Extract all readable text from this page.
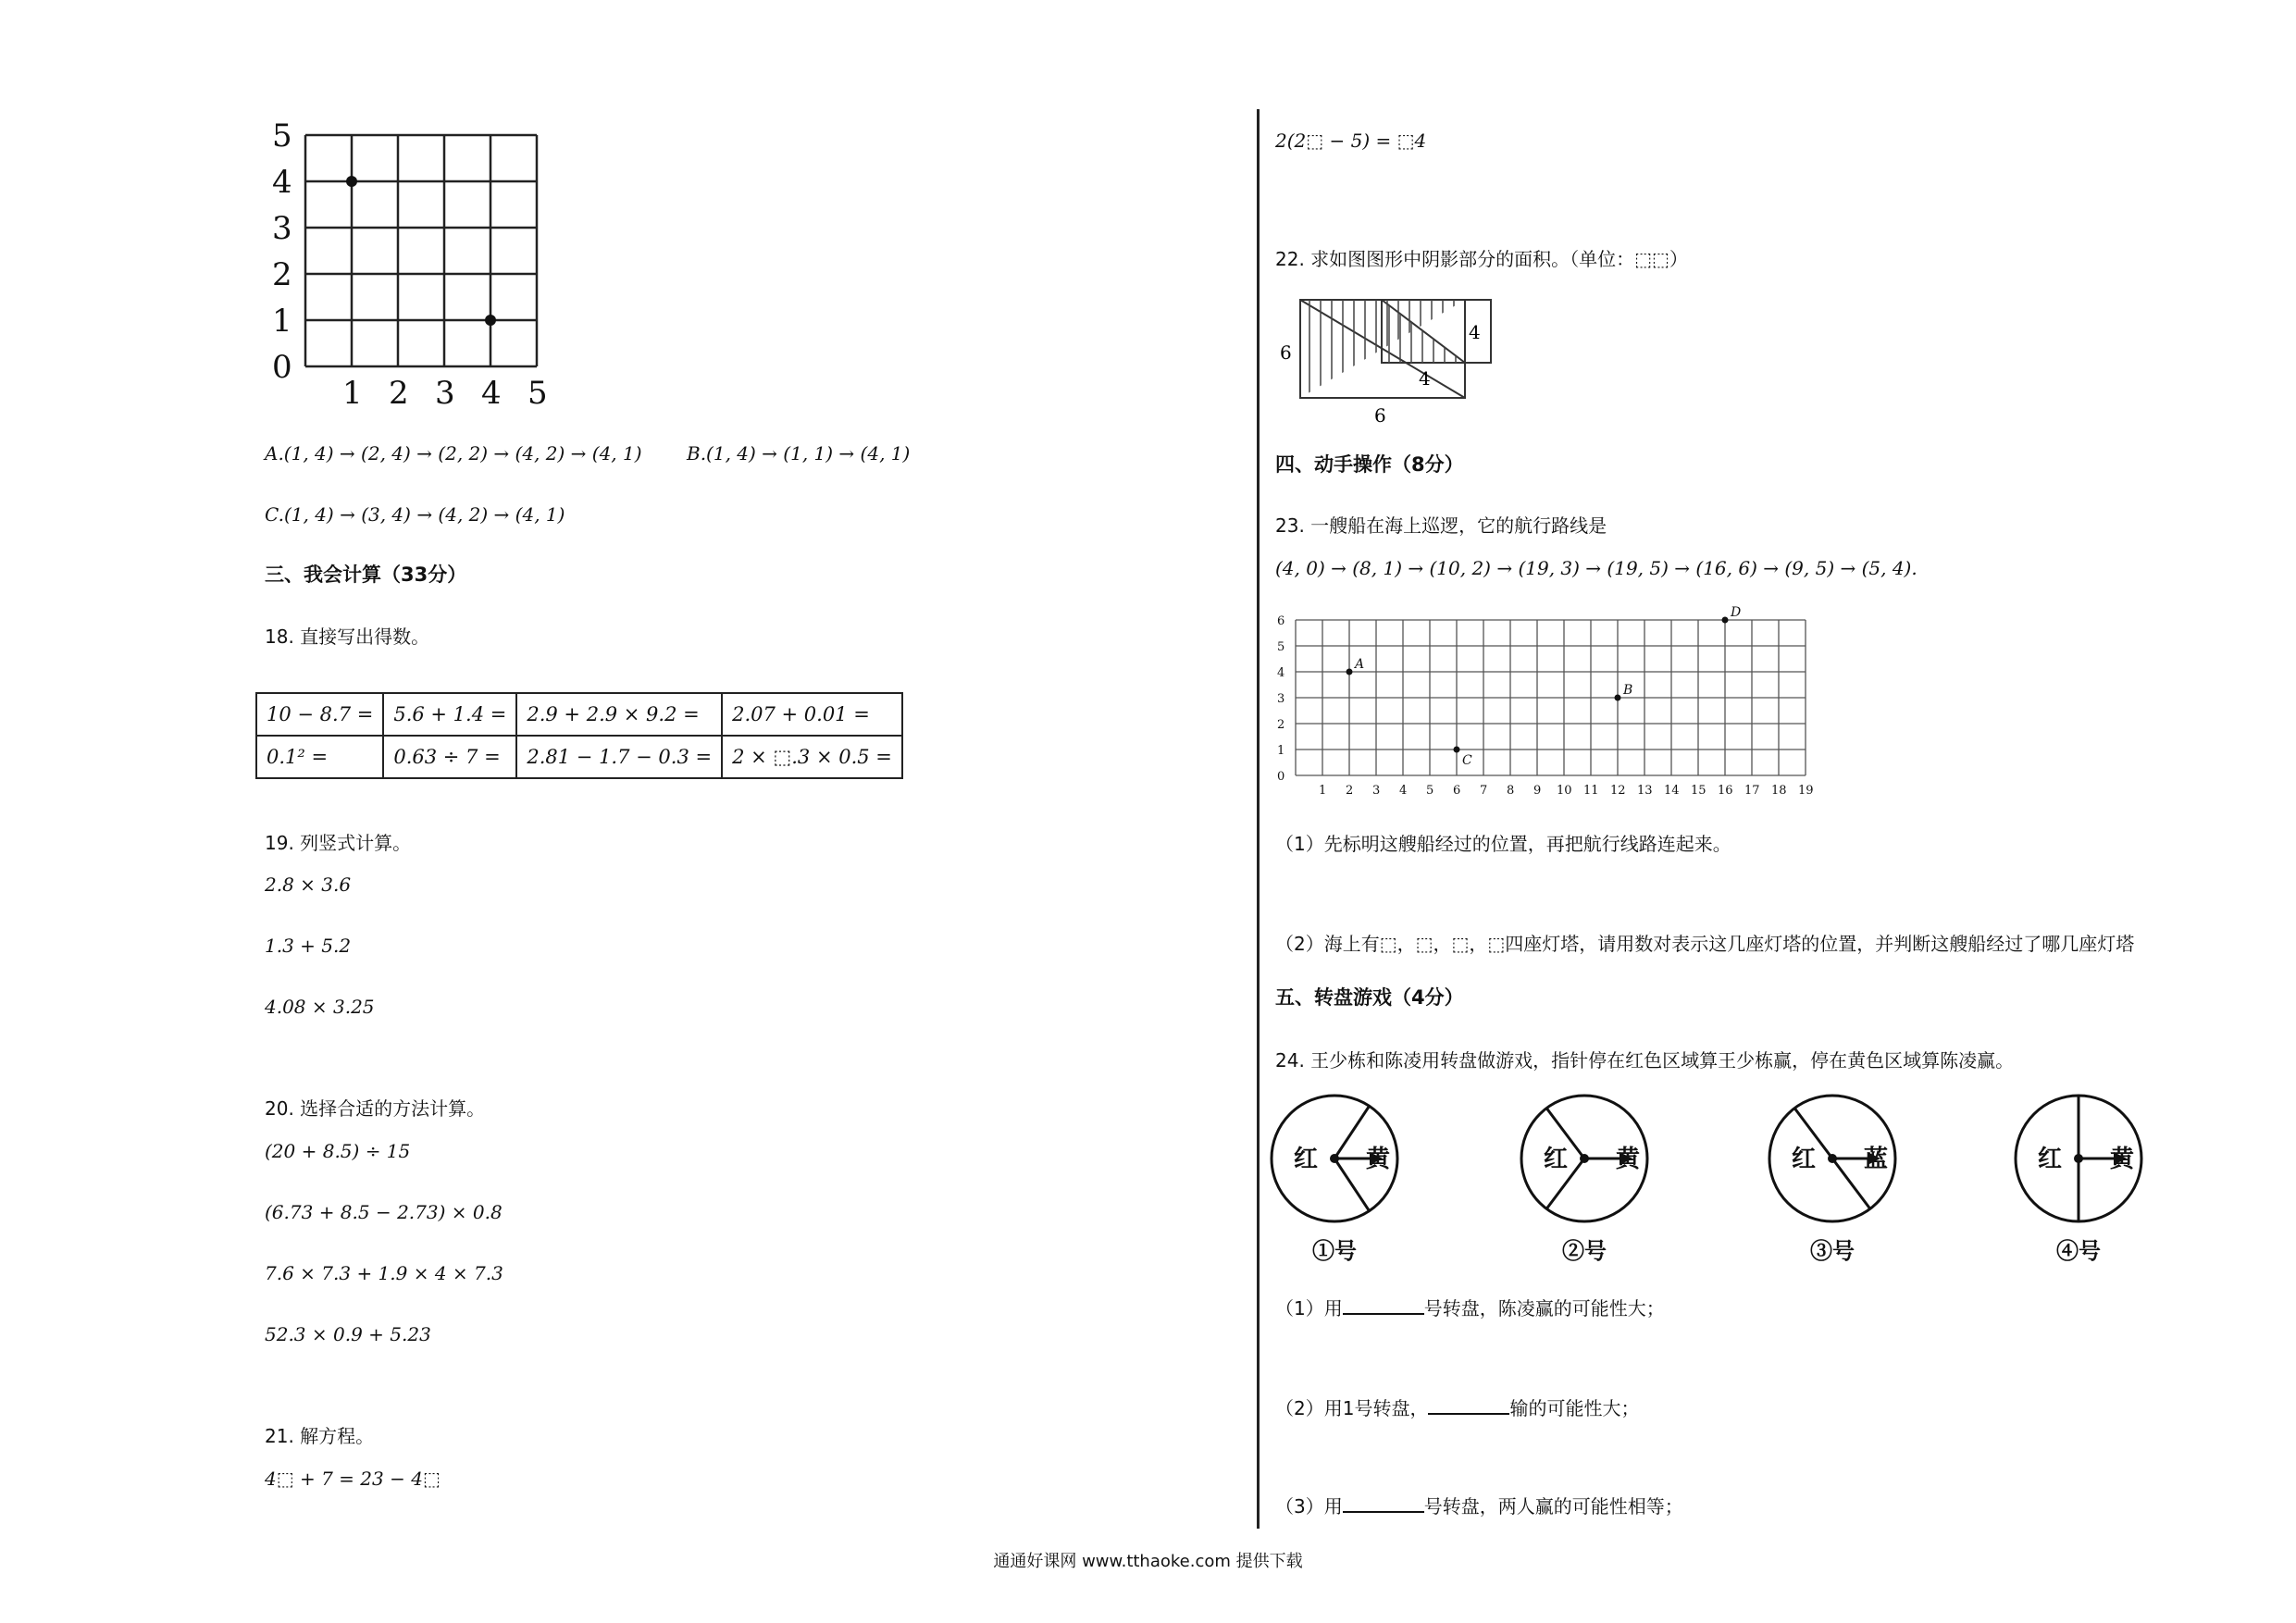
5
4
3
2
1
0
1 2 3 4 5
A.(1, 4) → (2, 4) → (2, 2) → (4, 2) → (4, 1) B.(1, 4) → (1, 1) → (4, 1)
C.(1, 4) → (3, 4) → (4, 2) → (4, 1)
三、我会计算（33分）
18. 直接写出得数。
10 − 8.7 =	5.6 + 1.4 =	2.9 + 2.9 × 9.2 =	2.07 + 0.01 =
0.1² =	0.63 ÷ 7 =	2.81 − 1.7 − 0.3 =	2 × ⬚.3 × 0.5 =
19. 列竖式计算。
2.8 × 3.6
1.3 + 5.2
4.08 × 3.25
20. 选择合适的方法计算。
(20 + 8.5) ÷ 15
(6.73 + 8.5 − 2.73) × 0.8
7.6 × 7.3 + 1.9 × 4 × 7.3
52.3 × 0.9 + 5.23
21. 解方程。
4⬚ + 7 = 23 − 4⬚
2(2⬚ − 5) = ⬚4
22. 求如图图形中阴影部分的面积。（单位：⬚⬚）
6
6
4
4
四、动手操作（8分）
23. 一艘船在海上巡逻，它的航行路线是
(4, 0) → (8, 1) → (10, 2) → (19, 3) → (19, 5) → (16, 6) → (9, 5) → (5, 4).
6
5
4
3
2
1
0
1 2 3 4 5 6 7 8 9 10 11 12 13 14 15 16 17 18 19
A
B
C
D
（1）先标明这艘船经过的位置，再把航行线路连起来。
（2）海上有⬚，⬚，⬚，⬚四座灯塔，请用数对表示这几座灯塔的位置，并判断这艘船经过了哪几座灯塔
五、转盘游戏（4分）
24. 王少栋和陈凌用转盘做游戏，指针停在红色区域算王少栋赢，停在黄色区域算陈凌赢。
红 黄
①号
红 黄
②号
红 蓝
③号
红 黄
④号
（1）用	号转盘，陈凌赢的可能性大；
（2）用1号转盘，	输的可能性大；
（3）用	号转盘，两人赢的可能性相等；
通通好课网 www.tthaoke.com 提供下载
